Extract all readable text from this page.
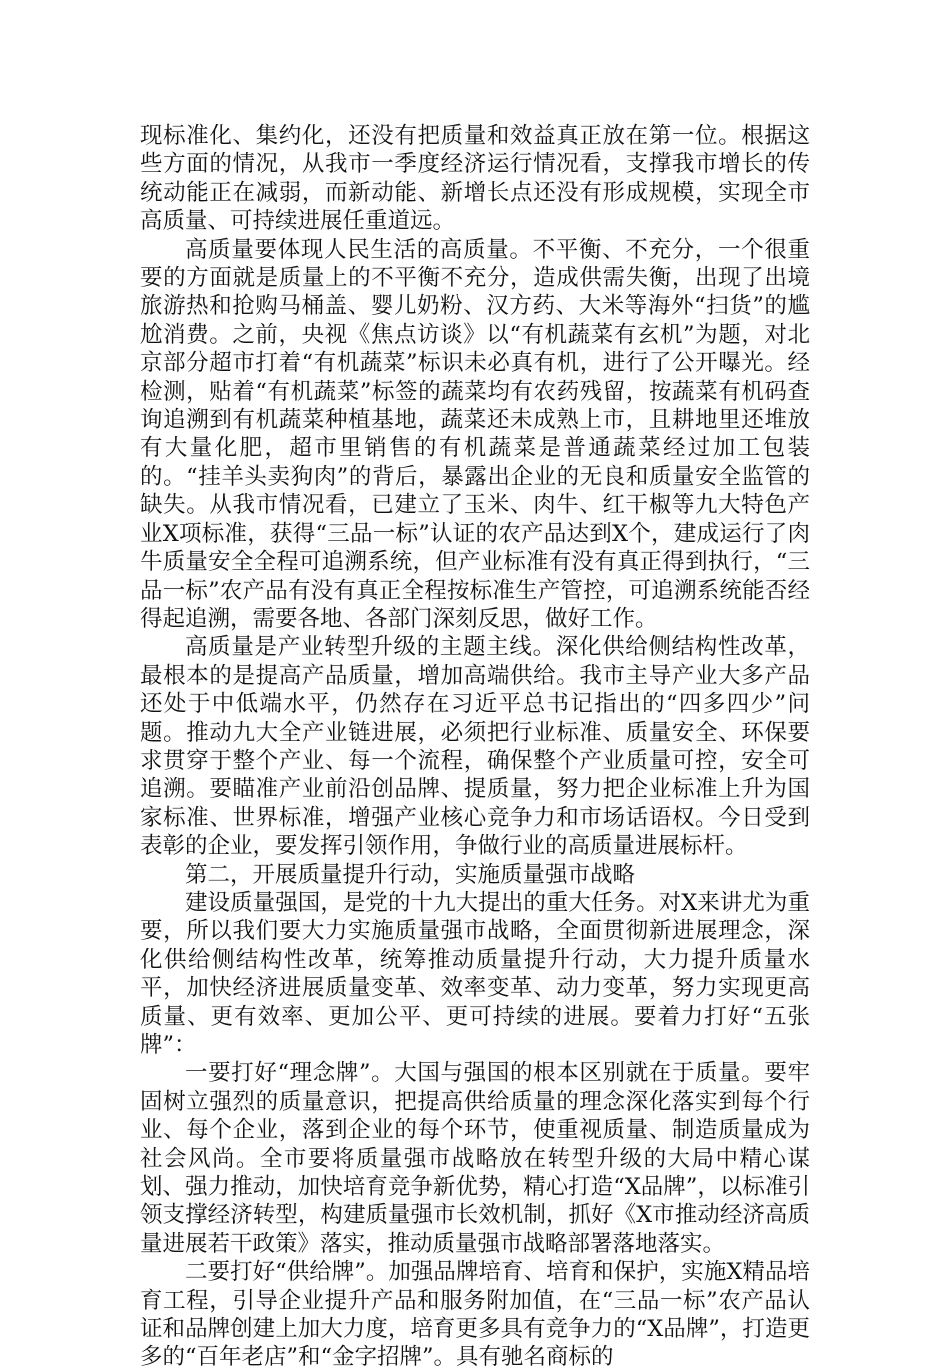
现标准化、集约化，还没有把质量和效益真正放在第一位。根据这些方面的情况，从我市一季度经济运行情况看，支撑我市增长的传统动能正在减弱，而新动能、新增长点还没有形成规模，实现全市高质量、可持续进展任重道远。

高质量要体现人民生活的高质量。不平衡、不充分，一个很重要的方面就是质量上的不平衡不充分，造成供需失衡，出现了出境旅游热和抢购马桶盖、婴儿奶粉、汉方药、大米等海外“扫货”的尴尬消费。之前，央视《焦点访谈》以“有机蔬菜有玄机”为题，对北京部分超市打着“有机蔬菜”标识未必真有机，进行了公开曝光。经检测，贴着“有机蔬菜”标签的蔬菜均有农药残留，按蔬菜有机码查询追溯到有机蔬菜种植基地，蔬菜还未成熟上市，且耕地里还堆放有大量化肥，超市里销售的有机蔬菜是普通蔬菜经过加工包装的。“挂羊头卖狗肉”的背后，暴露出企业的无良和质量安全监管的缺失。从我市情况看，已建立了玉米、肉牛、红干椒等九大特色产业X项标准，获得“三品一标”认证的农产品达到X个，建成运行了肉牛质量安全全程可追溯系统，但产业标准有没有真正得到执行，“三品一标”农产品有没有真正全程按标准生产管控，可追溯系统能否经得起追溯，需要各地、各部门深刻反思，做好工作。

高质量是产业转型升级的主题主线。深化供给侧结构性改革，最根本的是提高产品质量，增加高端供给。我市主导产业大多产品还处于中低端水平，仍然存在习近平总书记指出的“四多四少”问题。推动九大全产业链进展，必须把行业标准、质量安全、环保要求贯穿于整个产业、每一个流程，确保整个产业质量可控，安全可追溯。要瞄准产业前沿创品牌、提质量，努力把企业标准上升为国家标准、世界标准，增强产业核心竞争力和市场话语权。今日受到表彰的企业，要发挥引领作用，争做行业的高质量进展标杆。

第二，开展质量提升行动，实施质量强市战略

建设质量强国，是党的十九大提出的重大任务。对X来讲尤为重要，所以我们要大力实施质量强市战略，全面贯彻新进展理念，深化供给侧结构性改革，统筹推动质量提升行动，大力提升质量水平，加快经济进展质量变革、效率变革、动力变革，努力实现更高质量、更有效率、更加公平、更可持续的进展。要着力打好“五张牌”：

一要打好“理念牌”。大国与强国的根本区别就在于质量。要牢固树立强烈的质量意识，把提高供给质量的理念深化落实到每个行业、每个企业，落到企业的每个环节，使重视质量、制造质量成为社会风尚。全市要将质量强市战略放在转型升级的大局中精心谋划、强力推动，加快培育竞争新优势，精心打造“X品牌”，以标准引领支撑经济转型，构建质量强市长效机制，抓好《X市推动经济高质量进展若干政策》落实，推动质量强市战略部署落地落实。

二要打好“供给牌”。加强品牌培育、培育和保护，实施X精品培育工程，引导企业提升产品和服务附加值，在“三品一标”农产品认证和品牌创建上加大力度，培育更多具有竞争力的“X品牌”，打造更多的“百年老店”和“金字招牌”。具有驰名商标的
